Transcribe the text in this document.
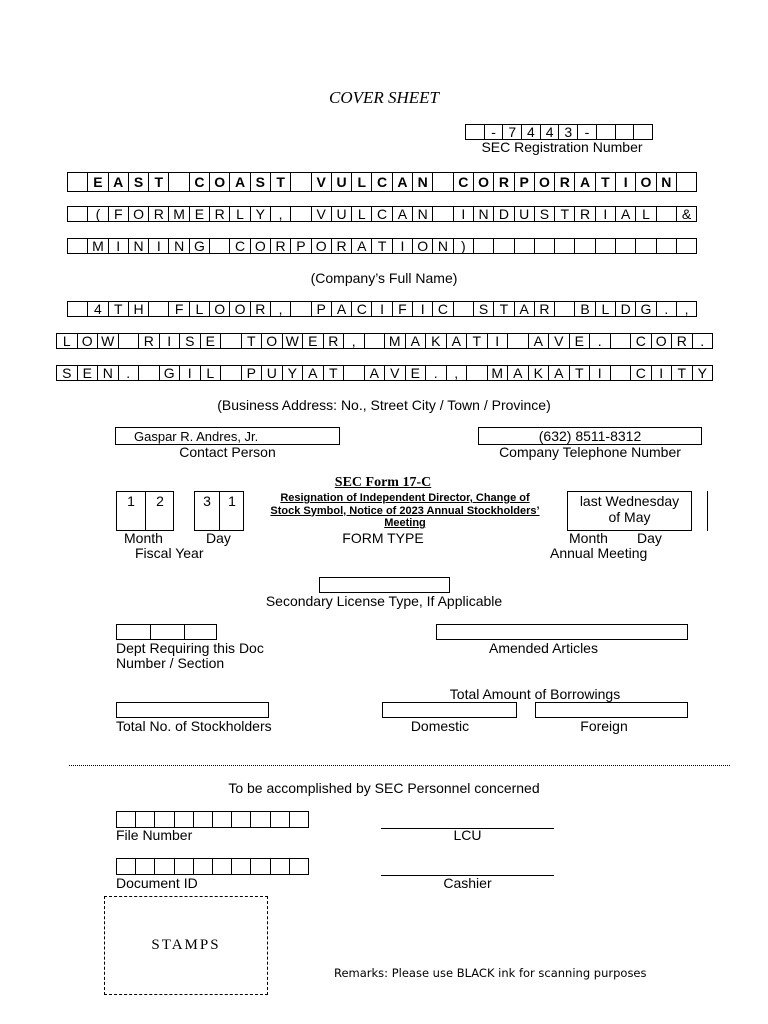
COVER SHEET
- 7 4 4 3 -
SEC Registration Number
E A S T	C O A S T	V U L C A N	C O R P O R A T	I O N
( F O R M E R L Y ,	V U L C A N	I N D U S T R I A L	&
M I N I N G	C O R P O R A T	I O N )
(Company’s Full Name)
4 T H	F L O O R ,	P A C I	F	I C	S T A R	B L D G .	,
L O W	R I S E	T O W E R ,	M A K A T	I	A V E .	C O R .
S E N .	G I	L	P U Y A T	A V E .	,	M A K A T	I	C I	T Y
(Business Address: No., Street City / Town / Province)
Gaspar R. Andres, Jr.
Contact Person
(632) 8511-8312
Company Telephone Number
1	2	3	1
Month	Day
Fiscal Year
SEC Form 17-C
Resignation of Independent Director, Change of Stock Symbol, Notice of 2023 Annual Stockholders’ Meeting
FORM TYPE
last Wednesday of May
Month Day
Annual Meeting
Secondary License Type, If Applicable
Dept Requiring this Doc
Number / Section
Amended Articles
Total Amount of Borrowings
Total No. of Stockholders	Domestic	Foreign
To be accomplished by SEC Personnel concerned
File Number	LCU
Document ID	Cashier
STAMPS
Remarks: Please use BLACK ink for scanning purposes
